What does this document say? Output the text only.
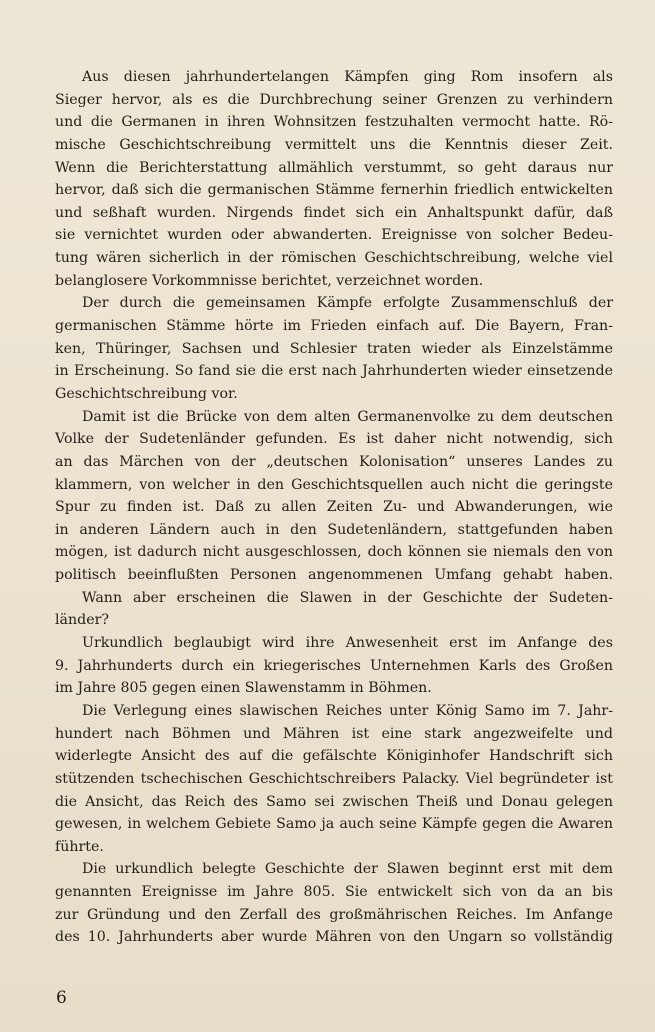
Aus diesen jahrhundertelangen Kämpfen ging Rom insofern als
Sieger hervor, als es die Durchbrechung seiner Grenzen zu verhindern
und die Germanen in ihren Wohnsitzen festzuhalten vermocht hatte. Rö-
mische Geschichtschreibung vermittelt uns die Kenntnis dieser Zeit.
Wenn die Berichterstattung allmählich verstummt, so geht daraus nur
hervor, daß sich die germanischen Stämme fernerhin friedlich entwickelten
und seßhaft wurden. Nirgends findet sich ein Anhaltspunkt dafür, daß
sie vernichtet wurden oder abwanderten. Ereignisse von solcher Bedeu-
tung wären sicherlich in der römischen Geschichtschreibung, welche viel
belanglosere Vorkommnisse berichtet, verzeichnet worden.
Der durch die gemeinsamen Kämpfe erfolgte Zusammenschluß der
germanischen Stämme hörte im Frieden einfach auf. Die Bayern, Fran-
ken, Thüringer, Sachsen und Schlesier traten wieder als Einzelstämme
in Erscheinung. So fand sie die erst nach Jahrhunderten wieder einsetzende
Geschichtschreibung vor.
Damit ist die Brücke von dem alten Germanenvolke zu dem deutschen
Volke der Sudetenländer gefunden. Es ist daher nicht notwendig, sich
an das Märchen von der „deutschen Kolonisation“ unseres Landes zu
klammern, von welcher in den Geschichtsquellen auch nicht die geringste
Spur zu finden ist. Daß zu allen Zeiten Zu- und Abwanderungen, wie
in anderen Ländern auch in den Sudetenländern, stattgefunden haben
mögen, ist dadurch nicht ausgeschlossen, doch können sie niemals den von
politisch beeinflußten Personen angenommenen Umfang gehabt haben.
Wann aber erscheinen die Slawen in der Geschichte der Sudeten-
länder?
Urkundlich beglaubigt wird ihre Anwesenheit erst im Anfange des
9. Jahrhunderts durch ein kriegerisches Unternehmen Karls des Großen
im Jahre 805 gegen einen Slawenstamm in Böhmen.
Die Verlegung eines slawischen Reiches unter König Samo im 7. Jahr-
hundert nach Böhmen und Mähren ist eine stark angezweifelte und
widerlegte Ansicht des auf die gefälschte Königinhofer Handschrift sich
stützenden tschechischen Geschichtschreibers Palacky. Viel begründeter ist
die Ansicht, das Reich des Samo sei zwischen Theiß und Donau gelegen
gewesen, in welchem Gebiete Samo ja auch seine Kämpfe gegen die Awaren
führte.
Die urkundlich belegte Geschichte der Slawen beginnt erst mit dem
genannten Ereignisse im Jahre 805. Sie entwickelt sich von da an bis
zur Gründung und den Zerfall des großmährischen Reiches. Im Anfange
des 10. Jahrhunderts aber wurde Mähren von den Ungarn so vollständig
6
